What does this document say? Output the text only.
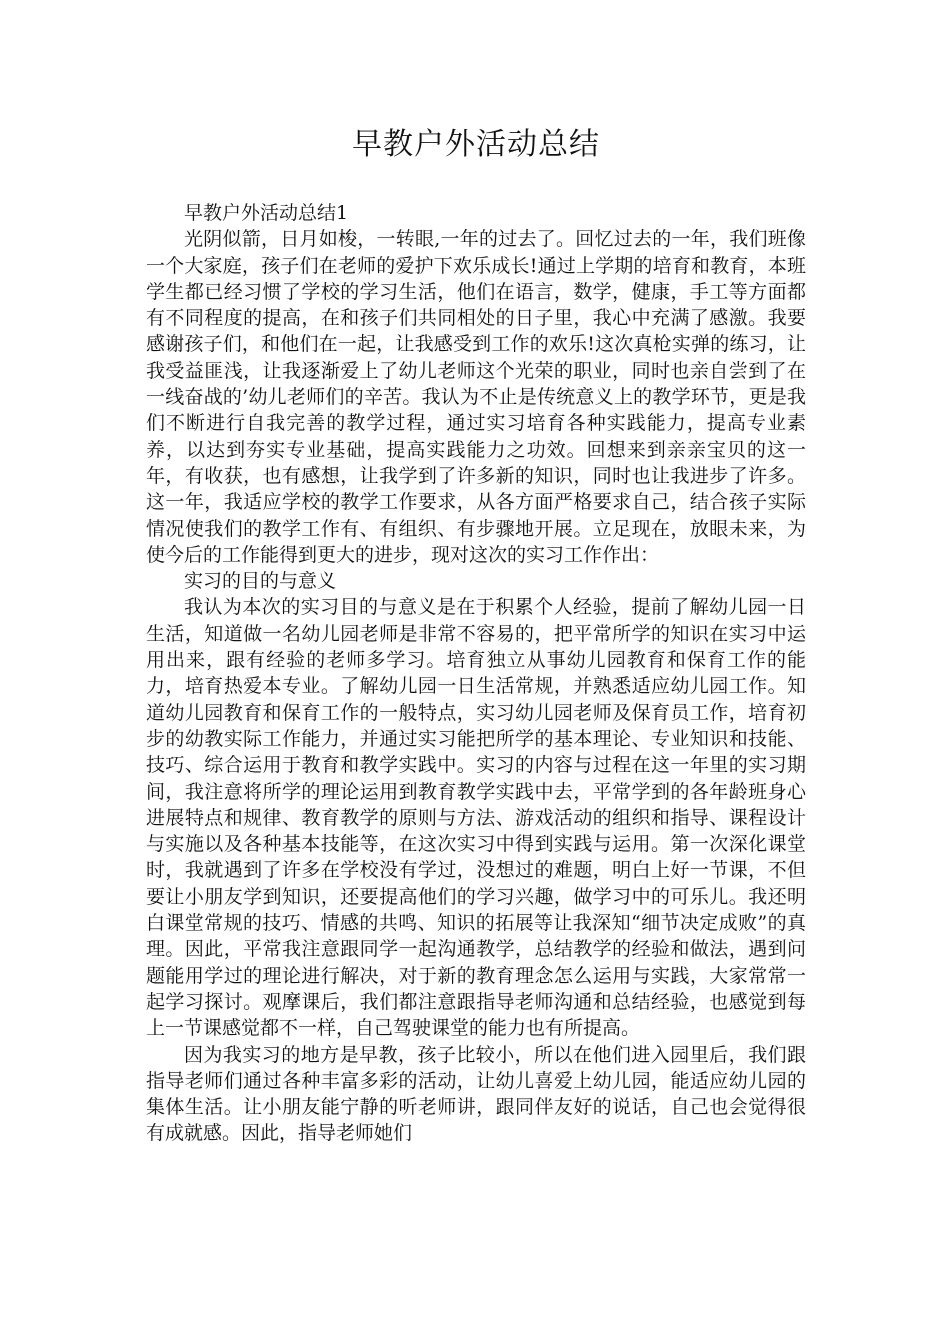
早教户外活动总结

早教户外活动总结1

光阴似箭，日月如梭，一转眼,一年的过去了。回忆过去的一年，我们班像一个大家庭，孩子们在老师的爱护下欢乐成长!通过上学期的培育和教育，本班学生都已经习惯了学校的学习生活，他们在语言，数学，健康，手工等方面都有不同程度的提高，在和孩子们共同相处的日子里，我心中充满了感激。我要感谢孩子们，和他们在一起，让我感受到工作的欢乐!这次真枪实弹的练习，让我受益匪浅，让我逐渐爱上了幼儿老师这个光荣的职业，同时也亲自尝到了在一线奋战的’幼儿老师们的辛苦。我认为不止是传统意义上的教学环节，更是我们不断进行自我完善的教学过程，通过实习培育各种实践能力，提高专业素养，以达到夯实专业基础，提高实践能力之功效。回想来到亲亲宝贝的这一年，有收获，也有感想，让我学到了许多新的知识，同时也让我进步了许多。这一年，我适应学校的教学工作要求，从各方面严格要求自己，结合孩子实际情况使我们的教学工作有、有组织、有步骤地开展。立足现在，放眼未来，为使今后的工作能得到更大的进步，现对这次的实习工作作出：

实习的目的与意义

我认为本次的实习目的与意义是在于积累个人经验，提前了解幼儿园一日生活，知道做一名幼儿园老师是非常不容易的，把平常所学的知识在实习中运用出来，跟有经验的老师多学习。培育独立从事幼儿园教育和保育工作的能力，培育热爱本专业。了解幼儿园一日生活常规，并熟悉适应幼儿园工作。知道幼儿园教育和保育工作的一般特点，实习幼儿园老师及保育员工作，培育初步的幼教实际工作能力，并通过实习能把所学的基本理论、专业知识和技能、技巧、综合运用于教育和教学实践中。实习的内容与过程在这一年里的实习期间，我注意将所学的理论运用到教育教学实践中去，平常学到的各年龄班身心进展特点和规律、教育教学的原则与方法、游戏活动的组织和指导、课程设计与实施以及各种基本技能等，在这次实习中得到实践与运用。第一次深化课堂时，我就遇到了许多在学校没有学过，没想过的难题，明白上好一节课，不但要让小朋友学到知识，还要提高他们的学习兴趣，做学习中的可乐儿。我还明白课堂常规的技巧、情感的共鸣、知识的拓展等让我深知“细节决定成败”的真理。因此，平常我注意跟同学一起沟通教学，总结教学的经验和做法，遇到问题能用学过的理论进行解决，对于新的教育理念怎么运用与实践，大家常常一起学习探讨。观摩课后，我们都注意跟指导老师沟通和总结经验，也感觉到每上一节课感觉都不一样，自己驾驶课堂的能力也有所提高。

因为我实习的地方是早教，孩子比较小，所以在他们进入园里后，我们跟指导老师们通过各种丰富多彩的活动，让幼儿喜爱上幼儿园，能适应幼儿园的集体生活。让小朋友能宁静的听老师讲，跟同伴友好的说话，自己也会觉得很有成就感。因此，指导老师她们
